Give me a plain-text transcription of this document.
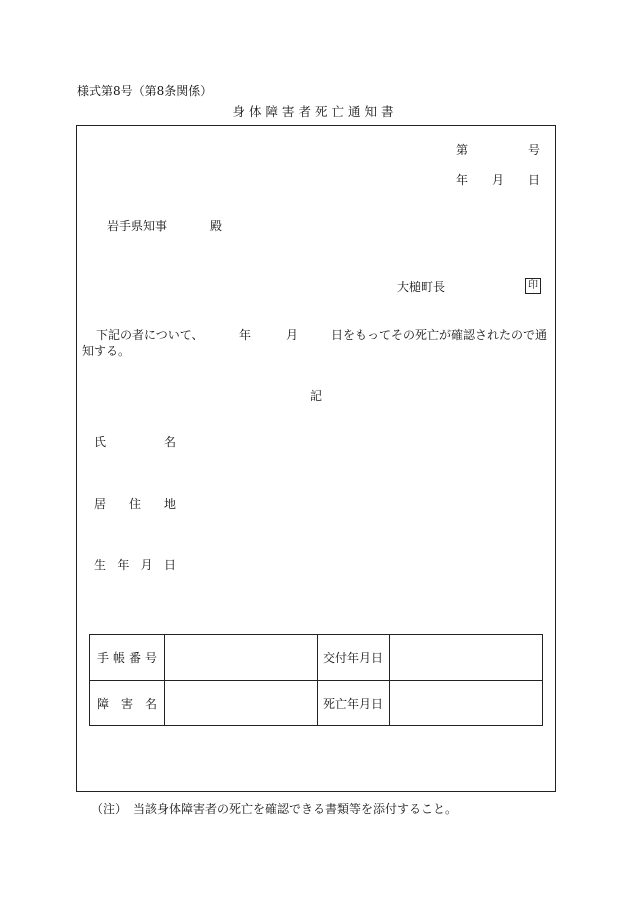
様式第8号（第8条関係）
身体障害者死亡通知書
第	号
年 月 日
岩手県知事	殿
大槌町長	印
下記の者について、	年	月	日をもってその死亡が確認されたので通
知する。
記
氏	名
居 住 地
生 年 月 日
手 帳 番 号	交付年月日
障 害 名	死亡年月日
（注）　当該身体障害者の死亡を確認できる書類等を添付すること。
